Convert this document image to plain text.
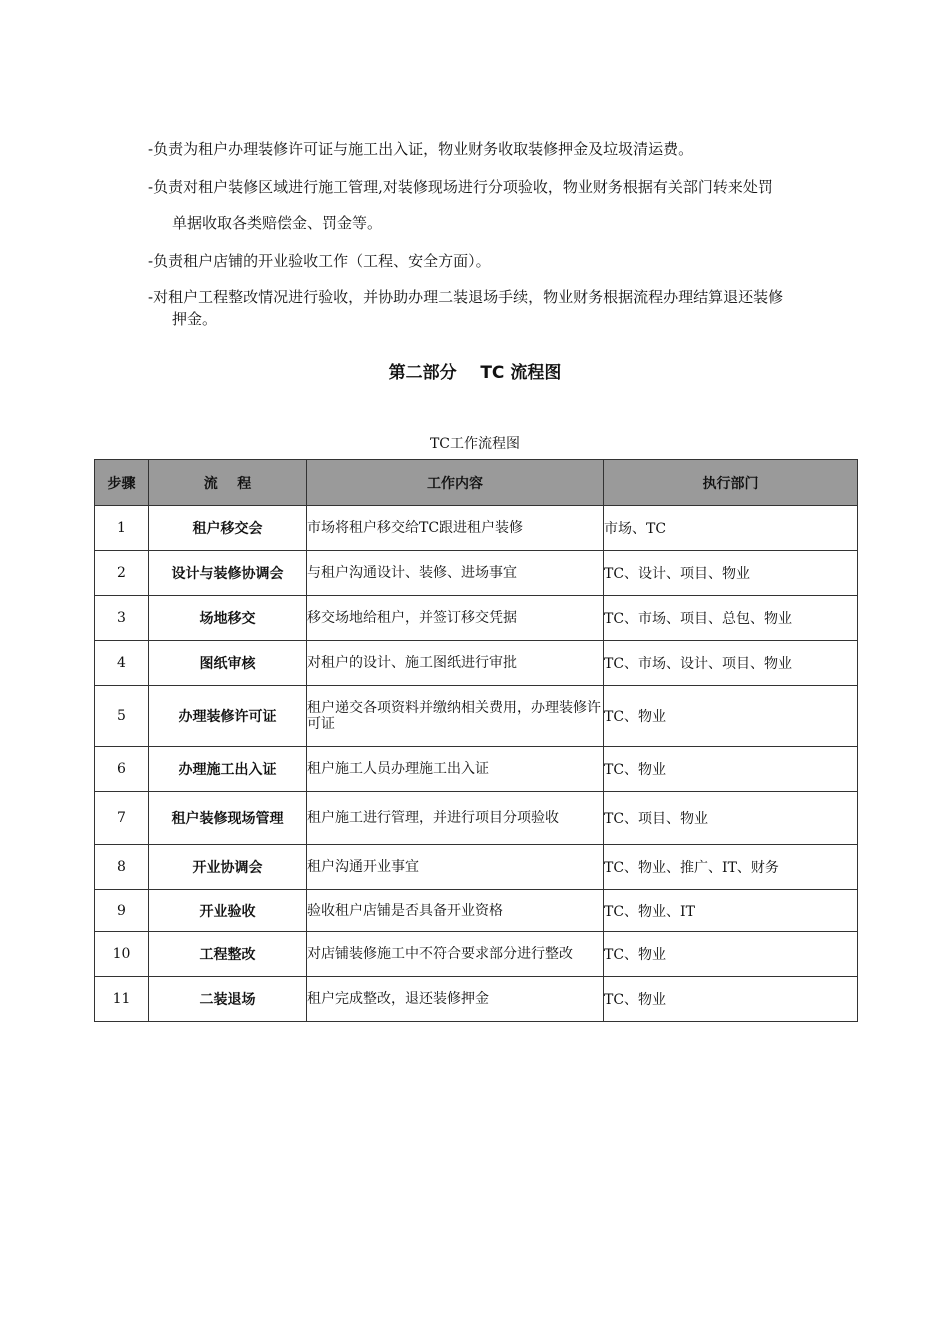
-负责为租户办理装修许可证与施工出入证，物业财务收取装修押金及垃圾清运费。
-负责对租户装修区域进行施工管理,对装修现场进行分项验收，物业财务根据有关部门转来处罚
单据收取各类赔偿金、罚金等。
-负责租户店铺的开业验收工作（工程、安全方面）。
-对租户工程整改情况进行验收，并协助办理二装退场手续，物业财务根据流程办理结算退还装修
押金。
第二部分    TC 流程图
TC工作流程图
步骤	流    程	工作内容	执行部门
1	租户移交会	市场将租户移交给TC跟进租户装修	市场、TC
2	设计与装修协调会	与租户沟通设计、装修、进场事宜	TC、设计、项目、物业
3	场地移交	移交场地给租户，并签订移交凭据	TC、市场、项目、总包、物业
4	图纸审核	对租户的设计、施工图纸进行审批	TC、市场、设计、项目、物业
5	办理装修许可证	租户递交各项资料并缴纳相关费用，办理装修许可证	TC、物业
6	办理施工出入证	租户施工人员办理施工出入证	TC、物业
7	租户装修现场管理	租户施工进行管理，并进行项目分项验收	TC、项目、物业
8	开业协调会	租户沟通开业事宜	TC、物业、推广、IT、财务
9	开业验收	验收租户店铺是否具备开业资格	TC、物业、IT
10	工程整改	对店铺装修施工中不符合要求部分进行整改	TC、物业
11	二装退场	租户完成整改，退还装修押金	TC、物业
